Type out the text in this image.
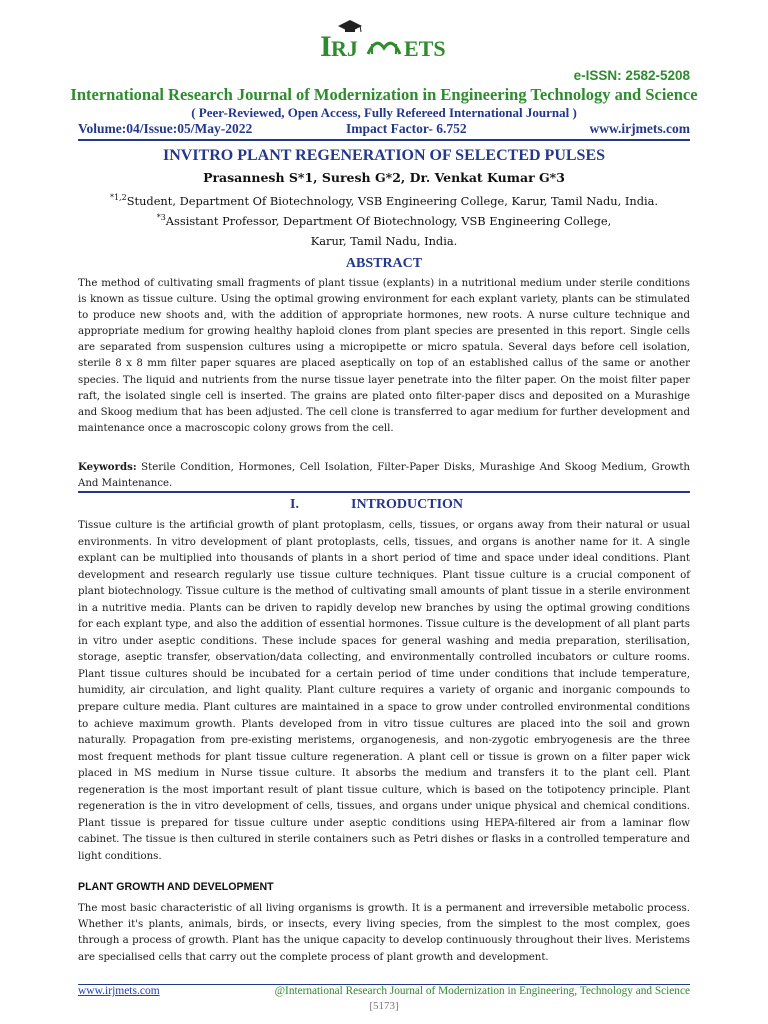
I RJ ETS
e-ISSN: 2582-5208
International Research Journal of Modernization in Engineering Technology and Science
( Peer-Reviewed, Open Access, Fully Refereed International Journal )
Volume:04/Issue:05/May-2022	Impact Factor- 6.752	www.irjmets.com
INVITRO PLANT REGENERATION OF SELECTED PULSES
Prasannesh S*1, Suresh G*2, Dr. Venkat Kumar G*3
$^{*1,2}$Student, Department Of Biotechnology, VSB Engineering College, Karur, Tamil Nadu, India.
$^{*3}$Assistant Professor, Department Of Biotechnology, VSB Engineering College,
Karur, Tamil Nadu, India.
ABSTRACT
The method of cultivating small fragments of plant tissue (explants) in a nutritional medium under sterile conditions is known as tissue culture. Using the optimal growing environment for each explant variety, plants can be stimulated to produce new shoots and, with the addition of appropriate hormones, new roots. A nurse culture technique and appropriate medium for growing healthy haploid clones from plant species are presented in this report. Single cells are separated from suspension cultures using a micropipette or micro spatula. Several days before cell isolation, sterile 8 x 8 mm filter paper squares are placed aseptically on top of an established callus of the same or another species. The liquid and nutrients from the nurse tissue layer penetrate into the filter paper. On the moist filter paper raft, the isolated single cell is inserted. The grains are plated onto filter-paper discs and deposited on a Murashige and Skoog medium that has been adjusted. The cell clone is transferred to agar medium for further development and maintenance once a macroscopic colony grows from the cell.
Keywords: Sterile Condition, Hormones, Cell Isolation, Filter-Paper Disks, Murashige And Skoog Medium, Growth And Maintenance.
I.	INTRODUCTION
Tissue culture is the artificial growth of plant protoplasm, cells, tissues, or organs away from their natural or usual environments. In vitro development of plant protoplasts, cells, tissues, and organs is another name for it. A single explant can be multiplied into thousands of plants in a short period of time and space under ideal conditions. Plant development and research regularly use tissue culture techniques. Plant tissue culture is a crucial component of plant biotechnology. Tissue culture is the method of cultivating small amounts of plant tissue in a sterile environment in a nutritive media. Plants can be driven to rapidly develop new branches by using the optimal growing conditions for each explant type, and also the addition of essential hormones. Tissue culture is the development of all plant parts in vitro under aseptic conditions. These include spaces for general washing and media preparation, sterilisation, storage, aseptic transfer, observation/data collecting, and environmentally controlled incubators or culture rooms. Plant tissue cultures should be incubated for a certain period of time under conditions that include temperature, humidity, air circulation, and light quality. Plant culture requires a variety of organic and inorganic compounds to prepare culture media. Plant cultures are maintained in a space to grow under controlled environmental conditions to achieve maximum growth. Plants developed from in vitro tissue cultures are placed into the soil and grown naturally. Propagation from pre-existing meristems, organogenesis, and non-zygotic embryogenesis are the three most frequent methods for plant tissue culture regeneration. A plant cell or tissue is grown on a filter paper wick placed in MS medium in Nurse tissue culture. It absorbs the medium and transfers it to the plant cell. Plant regeneration is the most important result of plant tissue culture, which is based on the totipotency principle. Plant regeneration is the in vitro development of cells, tissues, and organs under unique physical and chemical conditions. Plant tissue is prepared for tissue culture under aseptic conditions using HEPA-filtered air from a laminar flow cabinet. The tissue is then cultured in sterile containers such as Petri dishes or flasks in a controlled temperature and light conditions.
PLANT GROWTH AND DEVELOPMENT
The most basic characteristic of all living organisms is growth. It is a permanent and irreversible metabolic process. Whether it's plants, animals, birds, or insects, every living species, from the simplest to the most complex, goes through a process of growth. Plant has the unique capacity to develop continuously throughout their lives. Meristems are specialised cells that carry out the complete process of plant growth and development.
www.irjmets.com	@International Research Journal of Modernization in Engineering, Technology and Science
[5173]
